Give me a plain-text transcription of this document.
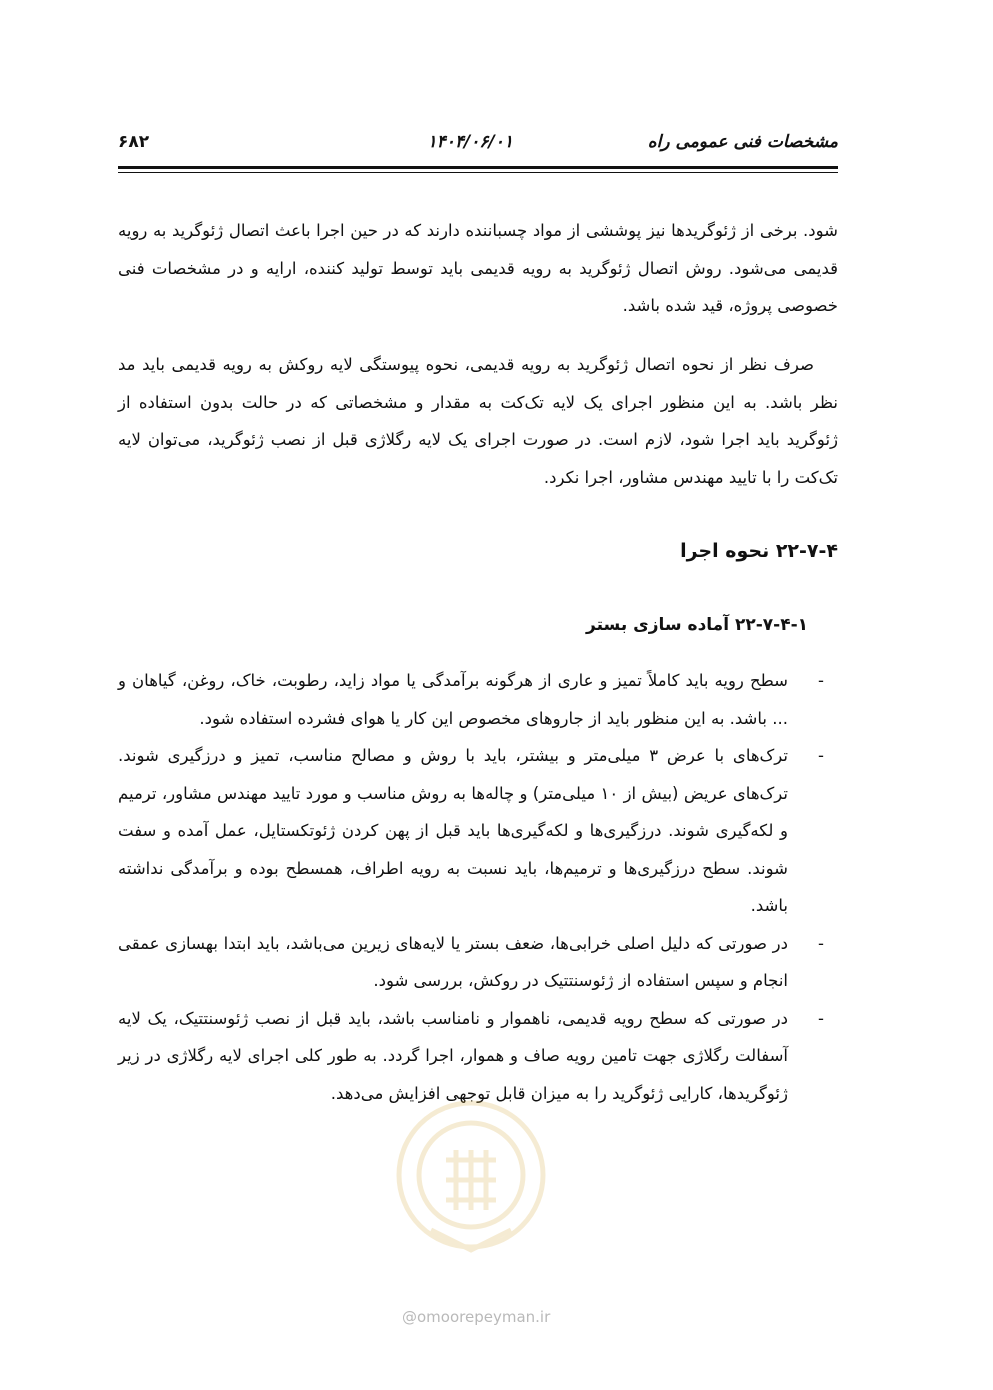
مشخصات فنی عمومی راه
۱۴۰۴/۰۶/۰۱
۶۸۲

شود. برخی از ژئوگریدها نیز پوششی از مواد چسباننده دارند که در حین اجرا باعث اتصال ژئوگرید به رویه قدیمی می‌شود. روش اتصال ژئوگرید به رویه قدیمی باید توسط تولید کننده، ارایه و در مشخصات فنی خصوصی پروژه، قید شده باشد.

صرف نظر از نحوه اتصال ژئوگرید به رویه قدیمی، نحوه پیوستگی لایه روکش به رویه قدیمی باید مد نظر باشد. به این منظور اجرای یک لایه تک‌کت به مقدار و مشخصاتی که در حالت بدون استفاده از ژئوگرید باید اجرا شود، لازم است. در صورت اجرای یک لایه رگلاژی قبل از نصب ژئوگرید، می‌توان لایه تک‌کت را با تایید مهندس مشاور، اجرا نکرد.

۲۲-۷-۴ نحوه اجرا
۲۲-۷-۴-۱ آماده سازی بستر
-
سطح رویه باید کاملاً تمیز و عاری از هرگونه برآمدگی یا مواد زاید، رطوبت، خاک، روغن، گیاهان و ... باشد. به این منظور باید از جاروهای مخصوص این کار یا هوای فشرده استفاده شود.
-
ترک‌های با عرض ۳ میلی‌متر و بیشتر، باید با روش و مصالح مناسب، تمیز و درزگیری شوند. ترک‌های عریض (بیش از ۱۰ میلی‌متر) و چاله‌ها به روش مناسب و مورد تایید مهندس مشاور، ترمیم و لکه‌گیری شوند. درزگیری‌ها و لکه‌گیری‌ها باید قبل از پهن کردن ژئوتکستایل، عمل آمده و سفت شوند. سطح درزگیری‌ها و ترمیم‌ها، باید نسبت به رویه اطراف، همسطح بوده و برآمدگی نداشته باشد.
-
در صورتی که دلیل اصلی خرابی‌ها، ضعف بستر یا لایه‌های زیرین می‌باشد، باید ابتدا بهسازی عمقی انجام و سپس استفاده از ژئوسنتتیک در روکش، بررسی شود.
-
در صورتی که سطح رویه قدیمی، ناهموار و نامناسب باشد، باید قبل از نصب ژئوسنتتیک، یک لایه آسفالت رگلاژی جهت تامین رویه صاف و هموار، اجرا گردد. به طور کلی اجرای لایه رگلاژی در زیر ژئوگریدها، کارایی ژئوگرید را به میزان قابل توجهی افزایش می‌دهد.
@omoorepeyman.ir
